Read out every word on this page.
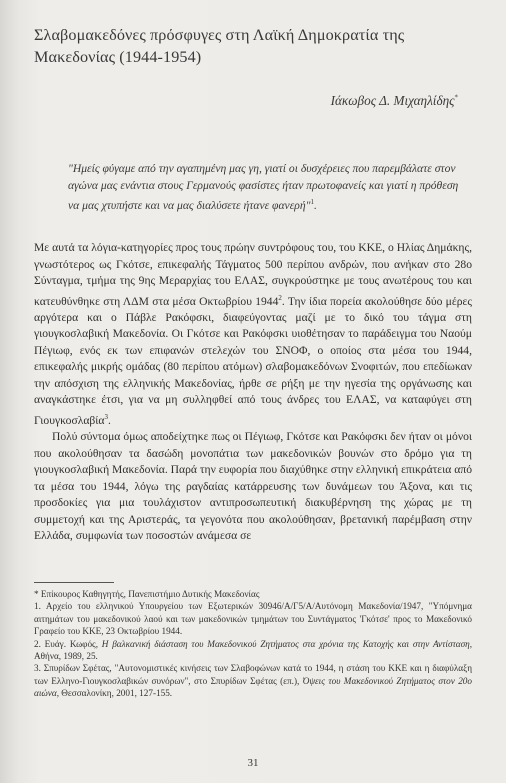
Σλαβομακεδόνες πρόσφυγες στη Λαϊκή Δημοκρατία της Μακεδονίας (1944-1954)
Ιάκωβος Δ. Μιχαηλίδης*
"Ημείς φύγαμε από την αγαπημένη μας γη, γιατί οι δυσχέρειες που παρεμβάλατε στον αγώνα μας ενάντια στους Γερμανούς φασίστες ήταν πρωτοφανείς και γιατί η πρόθεση να μας χτυπήστε και να μας διαλύσετε ήτανε φανερή"$^1$.

Με αυτά τα λόγια-κατηγορίες προς τους πρώην συντρόφους του, του ΚΚΕ, ο Ηλίας Δημάκης, γνωστότερος ως Γκότσε, επικεφαλής Τάγματος 500 περίπου ανδρών, που ανήκαν στο 28ο Σύνταγμα, τμήμα της 9ης Μεραρχίας του ΕΛΑΣ, συγκρούστηκε με τους ανωτέρους του και κατευθύνθηκε στη ΛΔΜ στα μέσα Οκτωβρίου 1944$^2$. Την ίδια πορεία ακολούθησε δύο μέρες αργότερα και ο Πάβλε Ρακόφσκι, διαφεύγοντας μαζί με το δικό του τάγμα στη γιουγκοσλαβική Μακεδονία. Οι Γκότσε και Ρακόφσκι υιοθέτησαν το παράδειγμα του Ναούμ Πέγιωφ, ενός εκ των επιφανών στελεχών του ΣΝΟΦ, ο οποίος στα μέσα του 1944, επικεφαλής μικρής ομάδας (80 περίπου ατόμων) σλαβομακεδόνων Σνοφιτών, που επεδίωκαν την απόσχιση της ελληνικής Μακεδονίας, ήρθε σε ρήξη με την ηγεσία της οργάνωσης και αναγκάστηκε έτσι, για να μη συλληφθεί από τους άνδρες του ΕΛΑΣ, να καταφύγει στη Γιουγκοσλαβία$^3$.

Πολύ σύντομα όμως αποδείχτηκε πως οι Πέγιωφ, Γκότσε και Ρακόφσκι δεν ήταν οι μόνοι που ακολούθησαν τα δασώδη μονοπάτια των μακεδονικών βουνών στο δρόμο για τη γιουγκοσλαβική Μακεδονία. Παρά την ευφορία που διαχύθηκε στην ελληνική επικράτεια από τα μέσα του 1944, λόγω της ραγδαίας κατάρρευσης των δυνάμεων του Άξονα, και τις προσδοκίες για μια τουλάχιστον αντιπροσωπευτική διακυβέρνηση της χώρας με τη συμμετοχή και της Αριστεράς, τα γεγονότα που ακολούθησαν, βρετανική παρέμβαση στην Ελλάδα, συμφωνία των ποσοστών ανάμεσα σε

* Επίκουρος Καθηγητής, Πανεπιστήμιο Δυτικής Μακεδονίας

1. Αρχείο του ελληνικού Υπουργείου των Εξωτερικών 30946/Α/Γ5/Α/Αυτόνομη Μακεδονία/1947, "Υπόμνημα αιτημάτων του μακεδονικού λαού και των μακεδονικών τμημάτων του Συντάγματος 'Γκότσε' προς το Μακεδονικό Γραφείο του ΚΚΕ, 23 Οκτωβρίου 1944.

2. Ευάγ. Κωφός, Η βαλκανική διάσταση του Μακεδονικού Ζητήματος στα χρόνια της Κατοχής και στην Αντίσταση, Αθήνα, 1989, 25.

3. Σπυρίδων Σφέτας, "Αυτονομιστικές κινήσεις των Σλαβοφώνων κατά το 1944, η στάση του ΚΚΕ και η διαφύλαξη των Ελληνο-Γιουγκοσλαβικών συνόρων", στο Σπυρίδων Σφέτας (επ.), Όψεις του Μακεδονικού Ζητήματος στον 20ο αιώνα, Θεσσαλονίκη, 2001, 127-155.

31
